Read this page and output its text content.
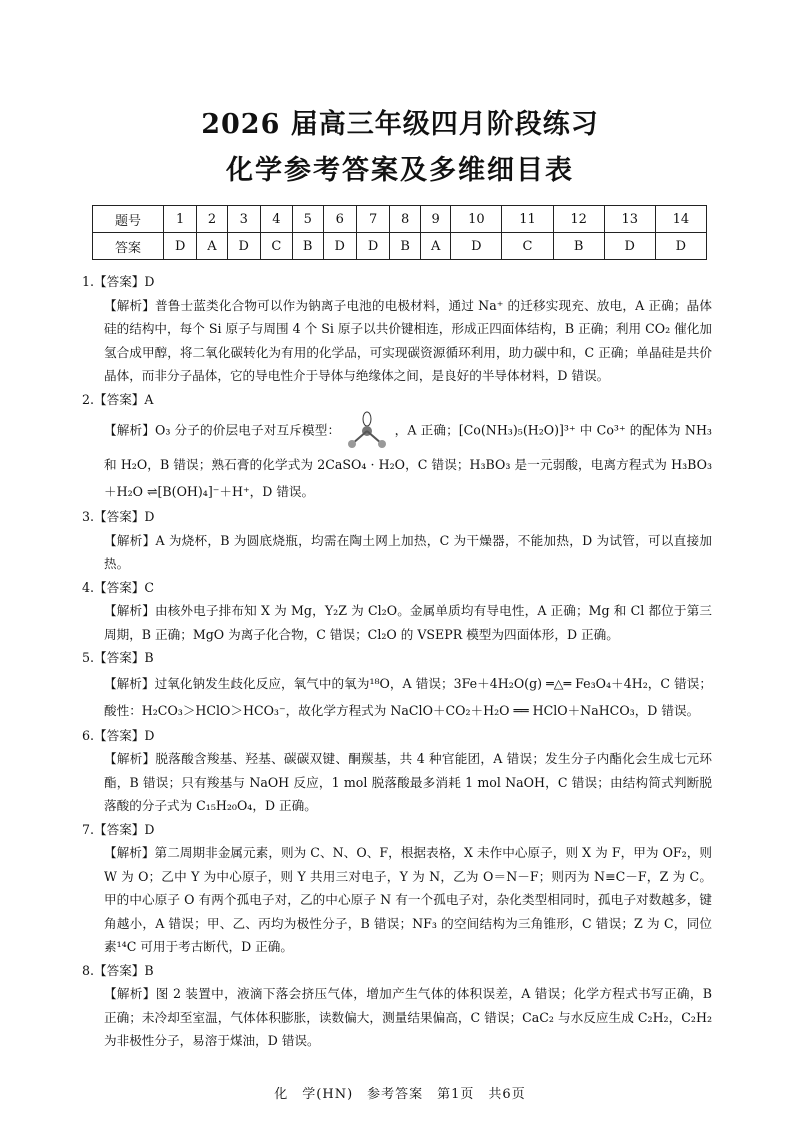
2026 届高三年级四月阶段练习
化学参考答案及多维细目表
题号	1	2	3	4	5	6	7	8	9	10	11	12	13	14
答案	D	A	D	C	B	D	D	B	A	D	C	B	D	D

1.【答案】D

【解析】普鲁士蓝类化合物可以作为钠离子电池的电极材料，通过 Na⁺ 的迁移实现充、放电，A 正确；晶体硅的结构中，每个 Si 原子与周围 4 个 Si 原子以共价键相连，形成正四面体结构，B 正确；利用 CO₂ 催化加氢合成甲醇，将二氧化碳转化为有用的化学品，可实现碳资源循环利用，助力碳中和，C 正确；单晶硅是共价晶体，而非分子晶体，它的导电性介于导体与绝缘体之间，是良好的半导体材料，D 错误。

2.【答案】A

【解析】O₃ 分子的价层电子对互斥模型：	，A 正确；[Co(NH₃)₅(H₂O)]³⁺ 中 Co³⁺ 的配体为 NH₃ 和 H₂O，B 错误；熟石膏的化学式为 2CaSO₄ · H₂O，C 错误；H₃BO₃ 是一元弱酸，电离方程式为 H₃BO₃＋H₂O ⇌[B(OH)₄]⁻＋H⁺，D 错误。

3.【答案】D

【解析】A 为烧杯，B 为圆底烧瓶，均需在陶土网上加热，C 为干燥器，不能加热，D 为试管，可以直接加热。

4.【答案】C

【解析】由核外电子排布知 X 为 Mg，Y₂Z 为 Cl₂O。金属单质均有导电性，A 正确；Mg 和 Cl 都位于第三周期，B 正确；MgO 为离子化合物，C 错误；Cl₂O 的 VSEPR 模型为四面体形，D 正确。

5.【答案】B

【解析】过氧化钠发生歧化反应，氧气中的氧为¹⁸O，A 错误；3Fe＋4H₂O(g) ═△═ Fe₃O₄＋4H₂，C 错误；酸性：H₂CO₃＞HClO＞HCO₃⁻，故化学方程式为 NaClO＋CO₂＋H₂O ══ HClO＋NaHCO₃，D 错误。

6.【答案】D

【解析】脱落酸含羧基、羟基、碳碳双键、酮羰基，共 4 种官能团，A 错误；发生分子内酯化会生成七元环酯，B 错误；只有羧基与 NaOH 反应，1 mol 脱落酸最多消耗 1 mol NaOH，C 错误；由结构简式判断脱落酸的分子式为 C₁₅H₂₀O₄，D 正确。

7.【答案】D

【解析】第二周期非金属元素，则为 C、N、O、F，根据表格，X 未作中心原子，则 X 为 F，甲为 OF₂，则 W 为 O；乙中 Y 为中心原子，则 Y 共用三对电子，Y 为 N，乙为 O＝N－F；则丙为 N≡C－F，Z 为 C。甲的中心原子 O 有两个孤电子对，乙的中心原子 N 有一个孤电子对，杂化类型相同时，孤电子对数越多，键角越小，A 错误；甲、乙、丙均为极性分子，B 错误；NF₃ 的空间结构为三角锥形，C 错误；Z 为 C，同位素¹⁴C 可用于考古断代，D 正确。

8.【答案】B

【解析】图 2 装置中，液滴下落会挤压气体，增加产生气体的体积误差，A 错误；化学方程式书写正确，B 正确；未冷却至室温，气体体积膨胀，读数偏大，测量结果偏高，C 错误；CaC₂ 与水反应生成 C₂H₂，C₂H₂ 为非极性分子，易溶于煤油，D 错误。

化　学(HN)　参考答案　第1页　共6页
